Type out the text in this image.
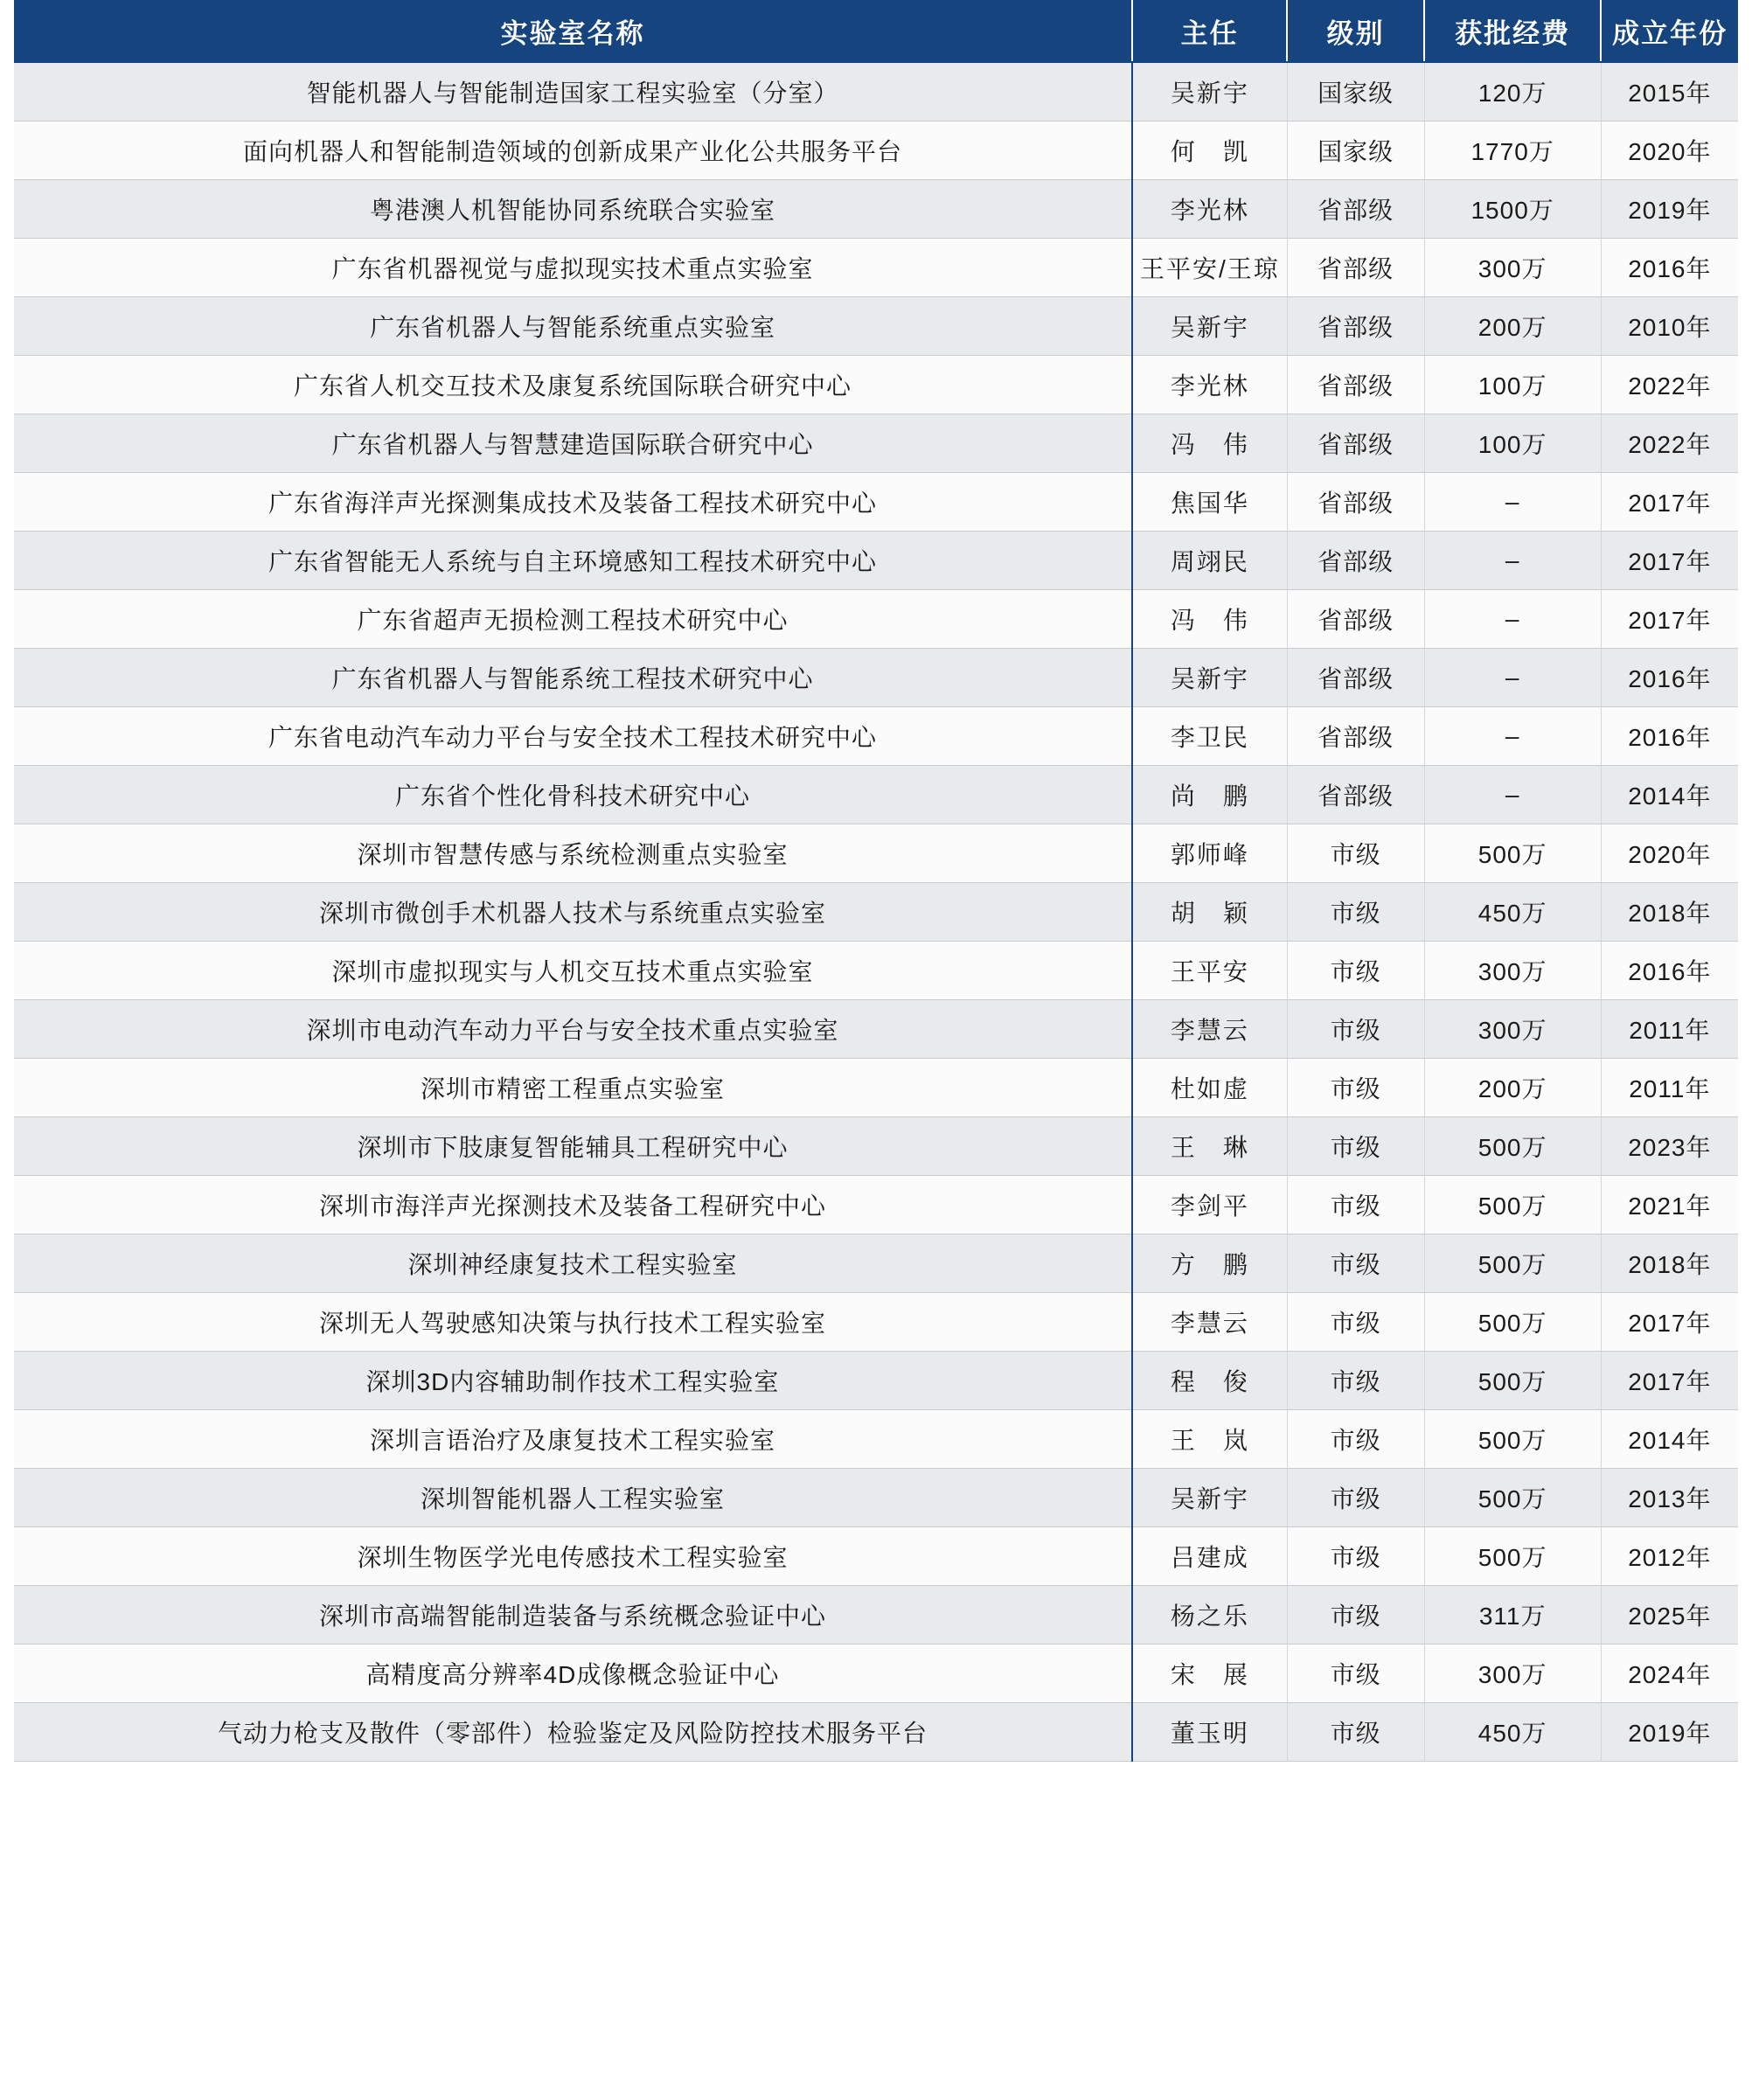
实验室名称	主任	级别	获批经费	成立年份
智能机器人与智能制造国家工程实验室（分室）	吴新宇	国家级	120万	2015年
面向机器人和智能制造领域的创新成果产业化公共服务平台	何　凯	国家级	1770万	2020年
粤港澳人机智能协同系统联合实验室	李光林	省部级	1500万	2019年
广东省机器视觉与虚拟现实技术重点实验室	王平安/王琼	省部级	300万	2016年
广东省机器人与智能系统重点实验室	吴新宇	省部级	200万	2010年
广东省人机交互技术及康复系统国际联合研究中心	李光林	省部级	100万	2022年
广东省机器人与智慧建造国际联合研究中心	冯　伟	省部级	100万	2022年
广东省海洋声光探测集成技术及装备工程技术研究中心	焦国华	省部级	–	2017年
广东省智能无人系统与自主环境感知工程技术研究中心	周翊民	省部级	–	2017年
广东省超声无损检测工程技术研究中心	冯　伟	省部级	–	2017年
广东省机器人与智能系统工程技术研究中心	吴新宇	省部级	–	2016年
广东省电动汽车动力平台与安全技术工程技术研究中心	李卫民	省部级	–	2016年
广东省个性化骨科技术研究中心	尚　鹏	省部级	–	2014年
深圳市智慧传感与系统检测重点实验室	郭师峰	市级	500万	2020年
深圳市微创手术机器人技术与系统重点实验室	胡　颖	市级	450万	2018年
深圳市虚拟现实与人机交互技术重点实验室	王平安	市级	300万	2016年
深圳市电动汽车动力平台与安全技术重点实验室	李慧云	市级	300万	2011年
深圳市精密工程重点实验室	杜如虚	市级	200万	2011年
深圳市下肢康复智能辅具工程研究中心	王　琳	市级	500万	2023年
深圳市海洋声光探测技术及装备工程研究中心	李剑平	市级	500万	2021年
深圳神经康复技术工程实验室	方　鹏	市级	500万	2018年
深圳无人驾驶感知决策与执行技术工程实验室	李慧云	市级	500万	2017年
深圳3D内容辅助制作技术工程实验室	程　俊	市级	500万	2017年
深圳言语治疗及康复技术工程实验室	王　岚	市级	500万	2014年
深圳智能机器人工程实验室	吴新宇	市级	500万	2013年
深圳生物医学光电传感技术工程实验室	吕建成	市级	500万	2012年
深圳市高端智能制造装备与系统概念验证中心	杨之乐	市级	311万	2025年
高精度高分辨率4D成像概念验证中心	宋　展	市级	300万	2024年
气动力枪支及散件（零部件）检验鉴定及风险防控技术服务平台	董玉明	市级	450万	2019年
